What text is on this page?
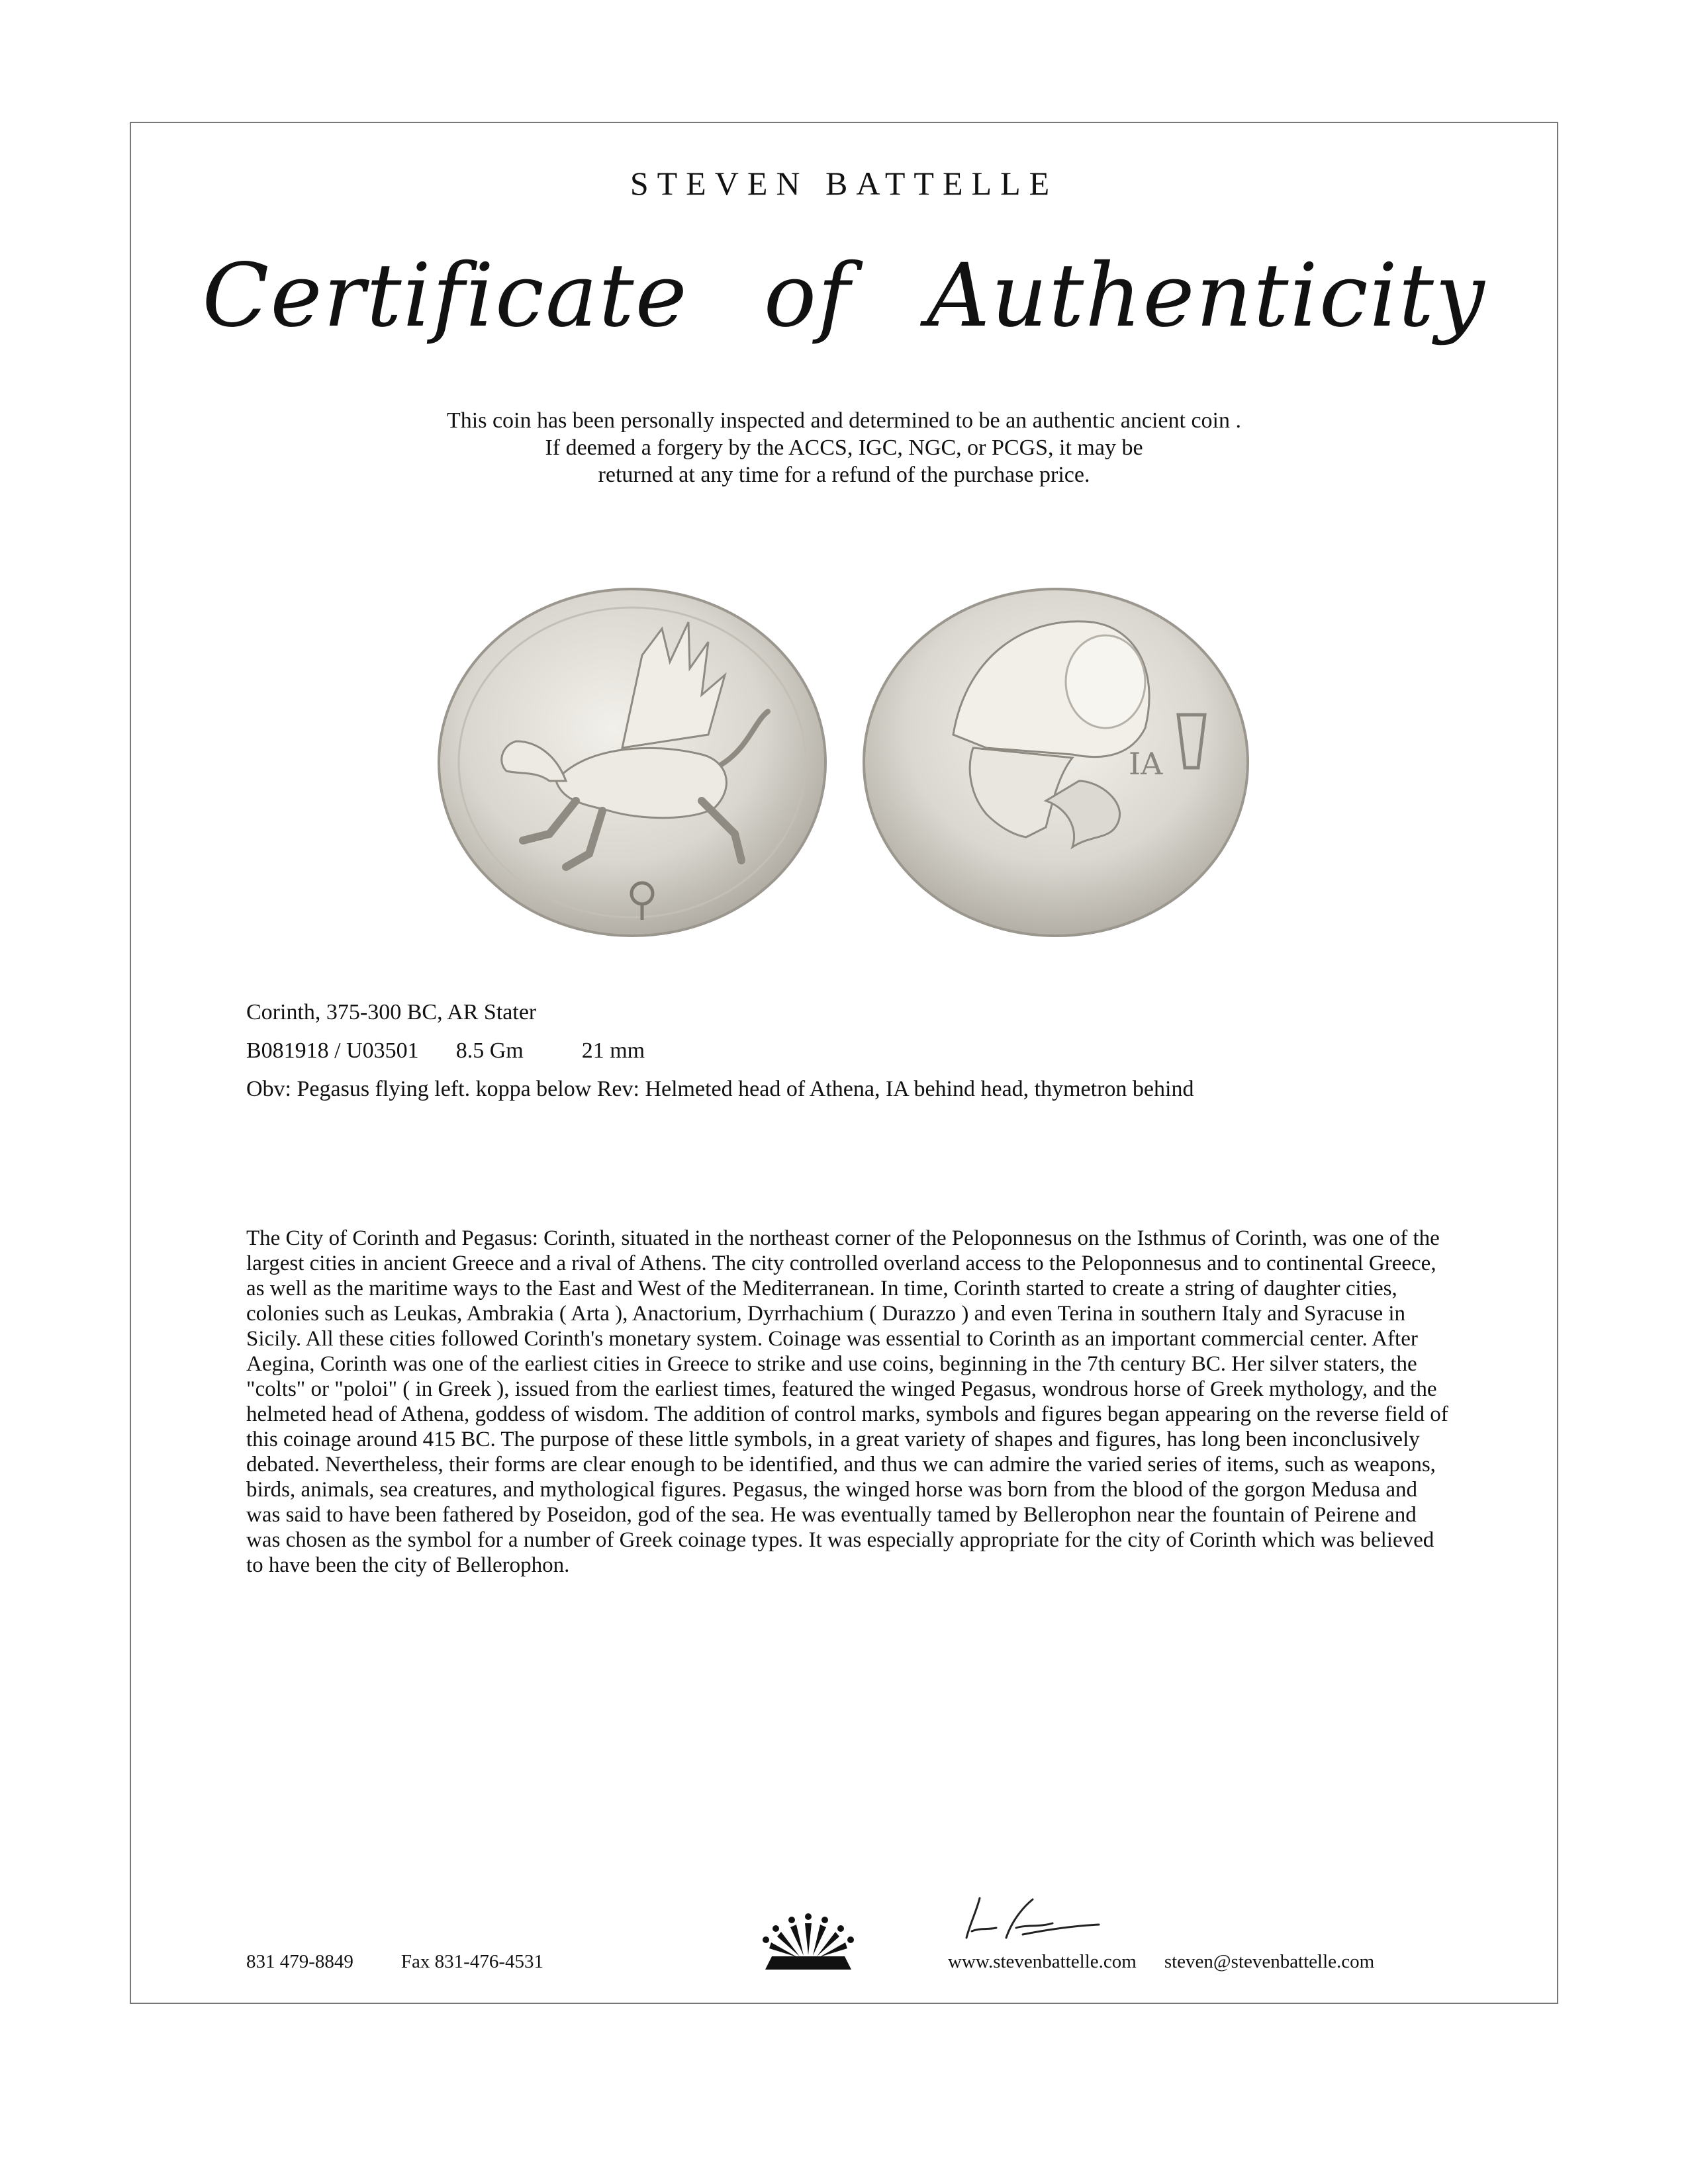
STEVEN BATTELLE
Certificate of Authenticity
This coin has been personally inspected and determined to be an authentic ancient coin .
If deemed a forgery by the ACCS, IGC, NGC, or PCGS, it may be
returned at any time for a refund of the purchase price.
IA
Corinth, 375-300 BC, AR Stater
B081918 / U03501 8.5 Gm	21 mm
Obv: Pegasus flying left. koppa below Rev: Helmeted head of Athena, IA behind head, thymetron behind

The City of Corinth and Pegasus: Corinth, situated in the northeast corner of the Peloponnesus on the Isthmus of Corinth, was one of the largest cities in ancient Greece and a rival of Athens. The city controlled overland access to the Peloponnesus and to continental Greece, as well as the maritime ways to the East and West of the Mediterranean. In time, Corinth started to create a string of daughter cities, colonies such as Leukas, Ambrakia ( Arta ), Anactorium, Dyrrhachium ( Durazzo ) and even Terina in southern Italy and Syracuse in Sicily. All these cities followed Corinth's monetary system. Coinage was essential to Corinth as an important commercial center. After Aegina, Corinth was one of the earliest cities in Greece to strike and use coins, beginning in the 7th century BC. Her silver staters, the "colts" or "poloi" ( in Greek ), issued from the earliest times, featured the winged Pegasus, wondrous horse of Greek mythology, and the helmeted head of Athena, goddess of wisdom. The addition of control marks, symbols and figures began appearing on the reverse field of this coinage around 415 BC. The purpose of these little symbols, in a great variety of shapes and figures, has long been inconclusively debated. Nevertheless, their forms are clear enough to be identified, and thus we can admire the varied series of items, such as weapons, birds, animals, sea creatures, and mythological figures. Pegasus, the winged horse was born from the blood of the gorgon Medusa and was said to have been fathered by Poseidon, god of the sea. He was eventually tamed by Bellerophon near the fountain of Peirene and was chosen as the symbol for a number of Greek coinage types. It was especially appropriate for the city of Corinth which was believed to have been the city of Bellerophon.

831 479-8849 Fax 831-476-4531	www.stevenbattelle.com steven@stevenbattelle.com
